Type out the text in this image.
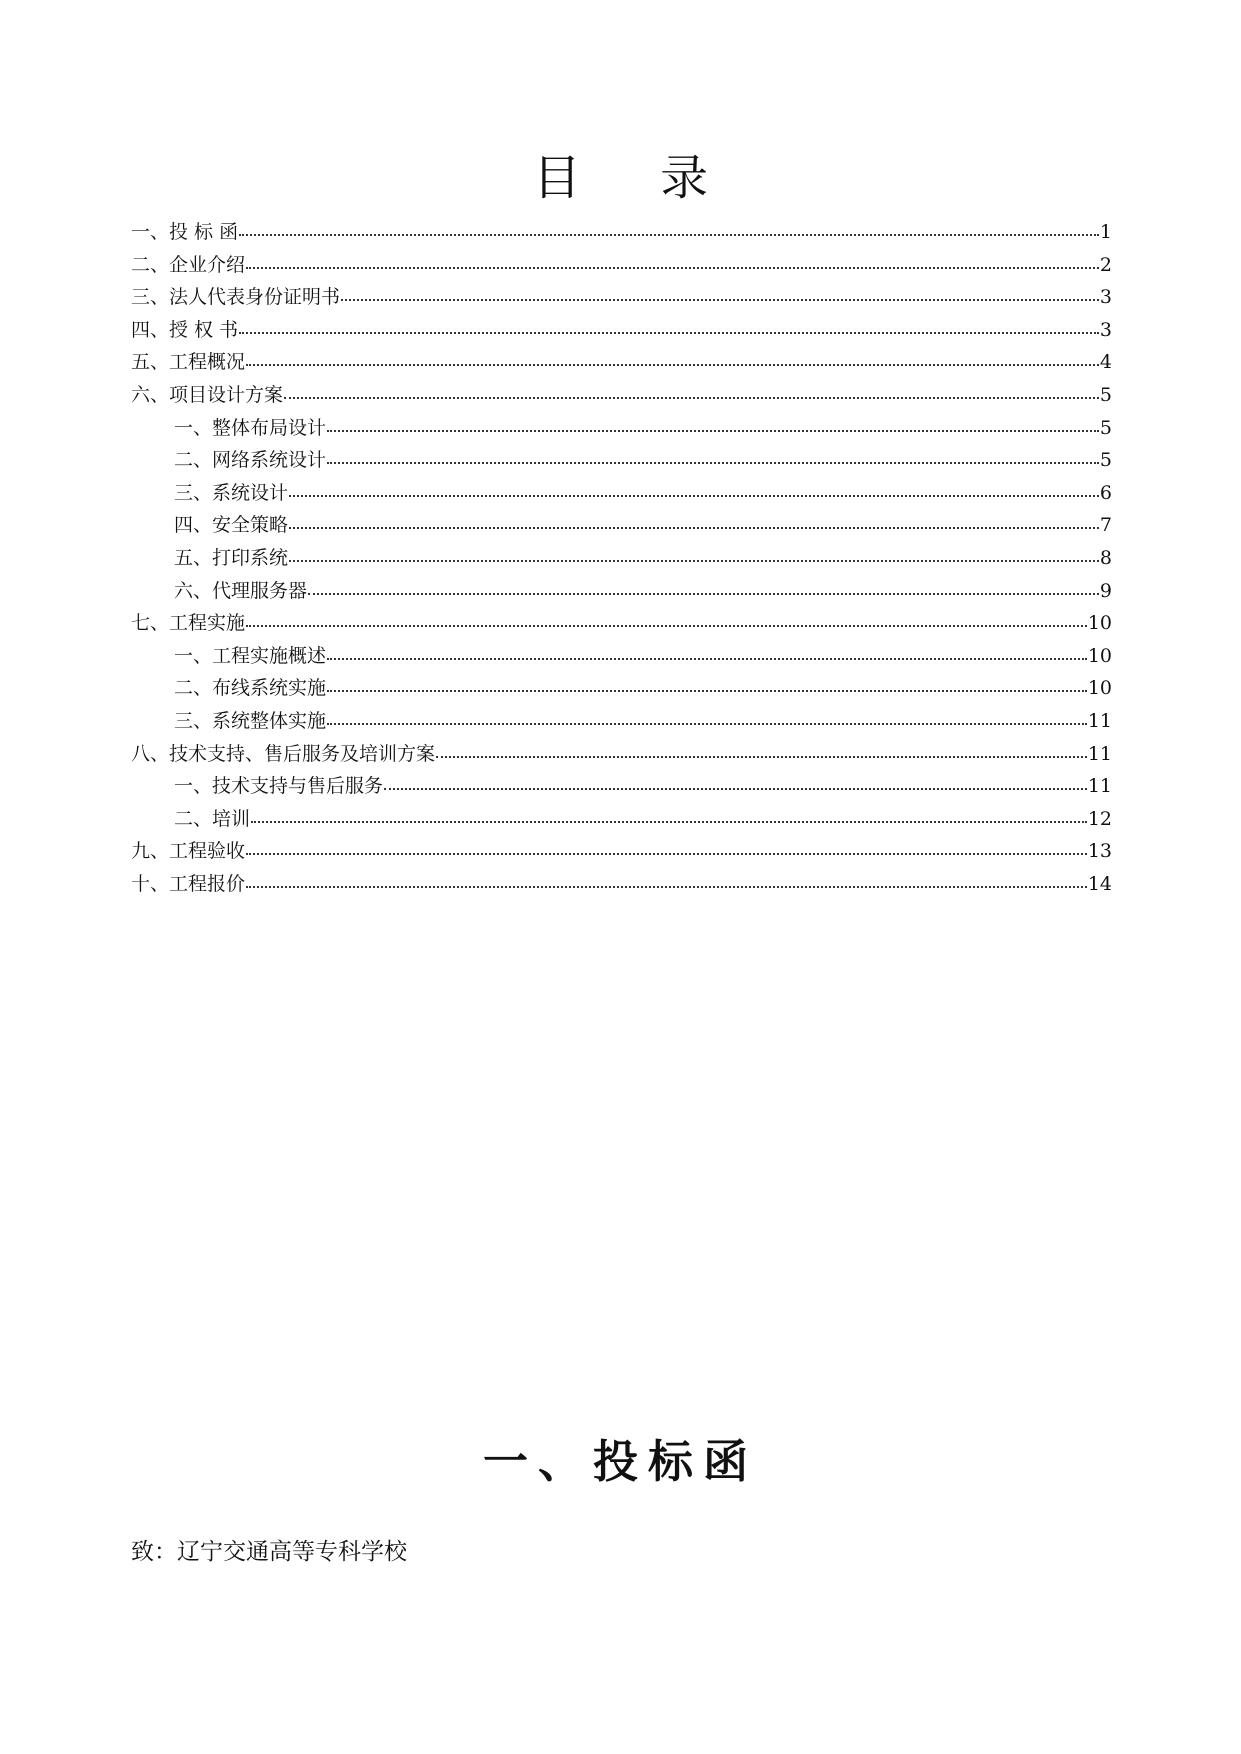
目 录
一、投 标 函	1
二、企业介绍	2
三、法人代表身份证明书	3
四、授 权 书	3
五、工程概况	4
六、项目设计方案	5
一、整体布局设计	5
二、网络系统设计	5
三、系统设计	6
四、安全策略	7
五、打印系统	8
六、代理服务器	9
七、工程实施	10
一、工程实施概述	10
二、布线系统实施	10
三、系统整体实施	11
八、技术支持、售后服务及培训方案	11
一、技术支持与售后服务	11
二、培训	12
九、工程验收	13
十、工程报价	14
一、投标函
致：辽宁交通高等专科学校
